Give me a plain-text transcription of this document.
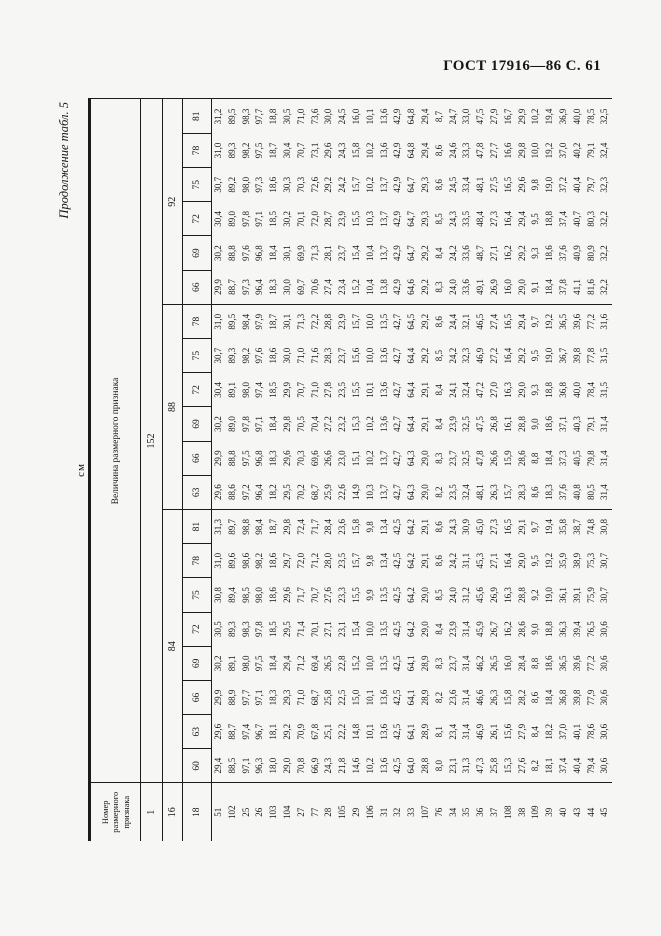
ГОСТ 17916—86 С. 61
Продолжение табл. 5
см
Номер размерного признака	Величина размерного признака																			
1	152																			
16	84								88						92					
18	60	63	66	69	72	75	78	81	63	66	69	72	75	78	66	69	72	75	78	81
51	29,4	29,6	29,9	30,2	30,5	30,8	31,0	31,3	29,6	29,9	30,2	30,4	30,7	31,0	29,9	30,2	30,4	30,7	31,0	31,2
102	88,5	88,7	88,9	89,1	89,3	89,4	89,6	89,7	88,6	88,8	89,0	89,1	89,3	89,5	88,7	88,8	89,0	89,2	89,3	89,5
25	97,1	97,4	97,7	98,0	98,3	98,5	98,6	98,8	97,2	97,5	97,8	98,0	98,2	98,4	97,3	97,6	97,8	98,0	98,2	98,3
26	96,3	96,7	97,1	97,5	97,8	98,0	98,2	98,4	96,4	96,8	97,1	97,4	97,6	97,9	96,4	96,8	97,1	97,3	97,5	97,7
103	18,0	18,1	18,3	18,4	18,5	18,6	18,6	18,7	18,2	18,3	18,4	18,5	18,6	18,7	18,3	18,4	18,5	18,6	18,7	18,8
104	29,0	29,2	29,3	29,4	29,5	29,6	29,7	29,8	29,5	29,6	29,8	29,9	30,0	30,1	30,0	30,1	30,2	30,3	30,4	30,5
27	70,8	70,9	71,0	71,2	71,4	71,7	72,0	72,4	70,2	70,3	70,5	70,7	71,0	71,3	69,7	69,9	70,1	70,3	70,7	71,0
77	66,9	67,8	68,7	69,4	70,1	70,7	71,2	71,7	68,7	69,6	70,4	71,0	71,6	72,2	70,6	71,3	72,0	72,6	73,1	73,6
28	24,3	25,1	25,8	26,5	27,1	27,6	28,0	28,4	25,9	26,6	27,2	27,8	28,3	28,8	27,4	28,1	28,7	29,2	29,6	30,0
105	21,8	22,2	22,5	22,8	23,1	23,3	23,5	23,6	22,6	23,0	23,2	23,5	23,7	23,9	23,4	23,7	23,9	24,2	24,3	24,5
29	14,6	14,8	15,0	15,2	15,4	15,5	15,7	15,8	14,9	15,1	15,3	15,5	15,6	15,7	15,2	15,4	15,5	15,7	15,8	16,0
106	10,2	10,1	10,1	10,0	10,0	9,9	9,8	9,8	10,3	10,2	10,2	10,1	10,0	10,0	10,4	10,4	10,3	10,2	10,2	10,1
31	13,6	13,6	13,6	13,5	13,5	13,5	13,4	13,4	13,7	13,7	13,6	13,6	13,6	13,5	13,8	13,7	13,7	13,7	13,6	13,6
32	42,5	42,5	42,5	42,5	42,5	42,5	42,5	42,5	42,7	42,7	42,7	42,7	42,7	42,7	42,9	42,9	42,9	42,9	42,9	42,9
33	64,0	64,1	64,1	64,1	64,2	64,2	64,2	64,2	64,3	64,3	64,4	64,4	64,4	64,5	64,6	64,7	64,7	64,7	64,8	64,8
107	28,8	28,9	28,9	28,9	29,0	29,0	29,1	29,1	29,0	29,0	29,1	29,1	29,2	29,2	29,2	29,2	29,3	29,3	29,4	29,4
76	8,0	8,1	8,2	8,3	8,4	8,5	8,6	8,6	8,2	8,3	8,4	8,4	8,5	8,6	8,3	8,4	8,5	8,6	8,6	8,7
34	23,1	23,4	23,6	23,7	23,9	24,0	24,2	24,3	23,5	23,7	23,9	24,1	24,2	24,4	24,0	24,2	24,3	24,5	24,6	24,7
35	31,3	31,4	31,4	31,4	31,4	31,2	31,1	30,9	32,4	32,5	32,5	32,4	32,3	32,1	33,6	33,6	33,5	33,4	33,3	33,0
36	47,3	46,9	46,6	46,2	45,9	45,6	45,3	45,0	48,1	47,8	47,5	47,2	46,9	46,5	49,1	48,7	48,4	48,1	47,8	47,5
37	25,8	26,1	26,3	26,5	26,7	26,9	27,1	27,3	26,3	26,6	26,8	27,0	27,2	27,4	26,9	27,1	27,3	27,5	27,7	27,9
108	15,3	15,6	15,8	16,0	16,2	16,3	16,4	16,5	15,7	15,9	16,1	16,3	16,4	16,5	16,0	16,2	16,4	16,5	16,6	16,7
38	27,6	27,9	28,2	28,4	28,6	28,8	29,0	29,1	28,3	28,6	28,8	29,0	29,2	29,4	29,0	29,2	29,4	29,6	29,8	29,9
109	8,2	8,4	8,6	8,8	9,0	9,2	9,5	9,7	8,6	8,8	9,0	9,3	9,5	9,7	9,1	9,3	9,5	9,8	10,0	10,2
39	18,1	18,2	18,4	18,6	18,8	19,0	19,2	19,4	18,3	18,4	18,6	18,8	19,0	19,2	18,4	18,6	18,8	19,0	19,2	19,4
40	37,4	37,0	36,8	36,5	36,3	36,1	35,9	35,8	37,6	37,3	37,1	36,8	36,7	36,5	37,8	37,6	37,4	37,2	37,0	36,9
43	40,4	40,1	39,8	39,6	39,4	39,1	38,9	38,7	40,8	40,5	40,3	40,0	39,8	39,6	41,1	40,9	40,7	40,4	40,2	40,0
44	79,4	78,6	77,9	77,2	76,5	75,9	75,3	74,8	80,5	79,8	79,1	78,4	77,8	77,2	81,6	80,9	80,3	79,7	79,1	78,5
45	30,6	30,6	30,6	30,6	30,6	30,7	30,7	30,8	31,4	31,4	31,4	31,5	31,5	31,6	32,2	32,2	32,2	32,3	32,4	32,5
